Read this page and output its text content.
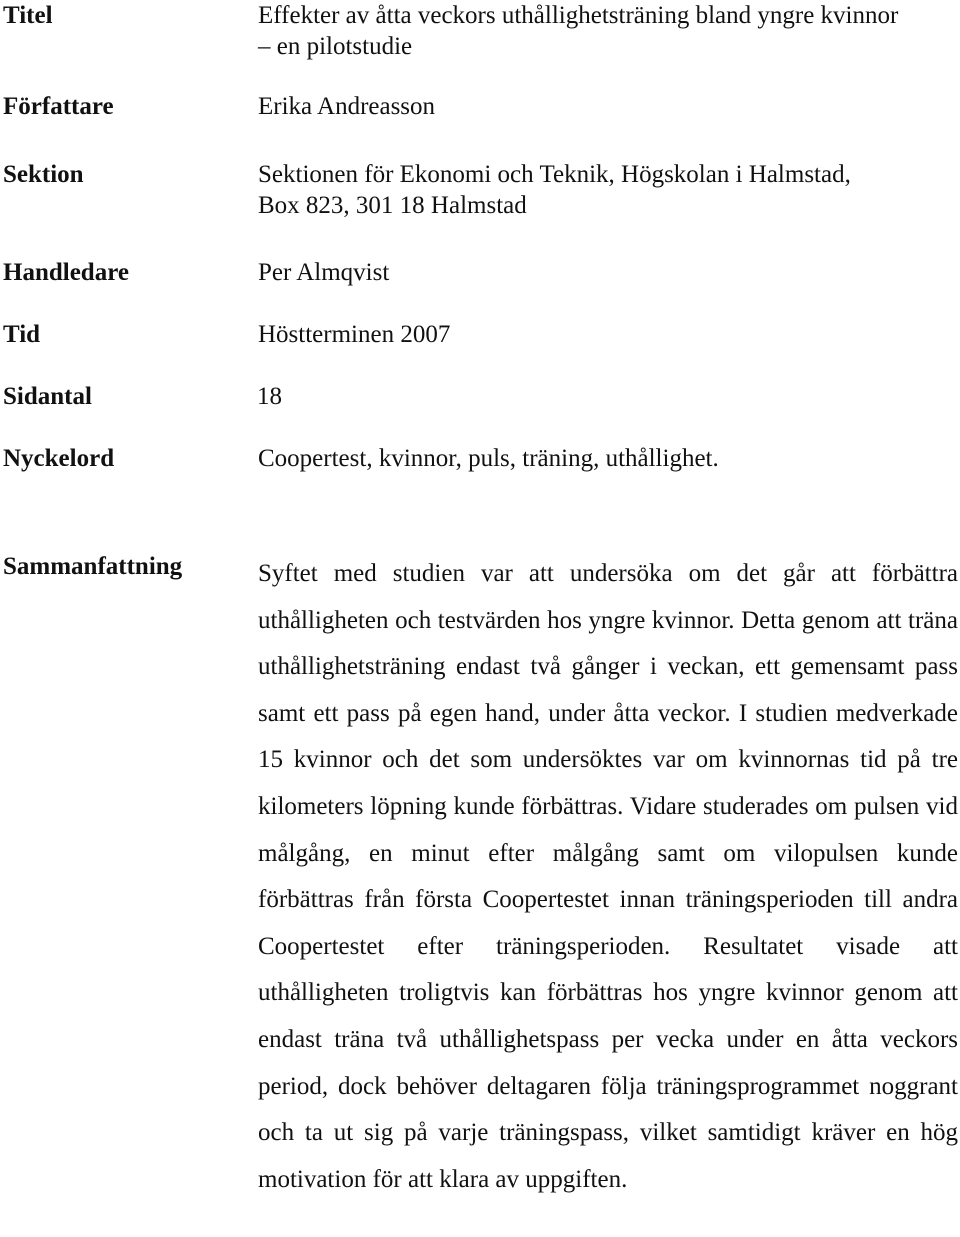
Titel	Effekter av åtta veckors uthållighetsträning bland yngre kvinnor
– en pilotstudie
Författare	Erika Andreasson
Sektion	Sektionen för Ekonomi och Teknik, Högskolan i Halmstad,
Box 823, 301 18 Halmstad
Handledare	Per Almqvist
Tid	Höstterminen 2007
Sidantal	18
Nyckelord	Coopertest, kvinnor, puls, träning, uthållighet.
Sammanfattning	Syftet med studien var att undersöka om det går att förbättra uthålligheten och testvärden hos yngre kvinnor. Detta genom att träna uthållighetsträning endast två gånger i veckan, ett gemensamt pass samt ett pass på egen hand, under åtta veckor. I studien medverkade 15 kvinnor och det som undersöktes var om kvinnornas tid på tre kilometers löpning kunde förbättras. Vidare studerades om pulsen vid målgång, en minut efter målgång samt om vilopulsen kunde förbättras från första Coopertestet innan träningsperioden till andra Coopertestet efter träningsperioden. Resultatet visade att uthålligheten troligtvis kan förbättras hos yngre kvinnor genom att endast träna två uthållighetspass per vecka under en åtta veckors period, dock behöver deltagaren följa träningsprogrammet noggrant och ta ut sig på varje träningspass, vilket samtidigt kräver en hög motivation för att klara av uppgiften.
